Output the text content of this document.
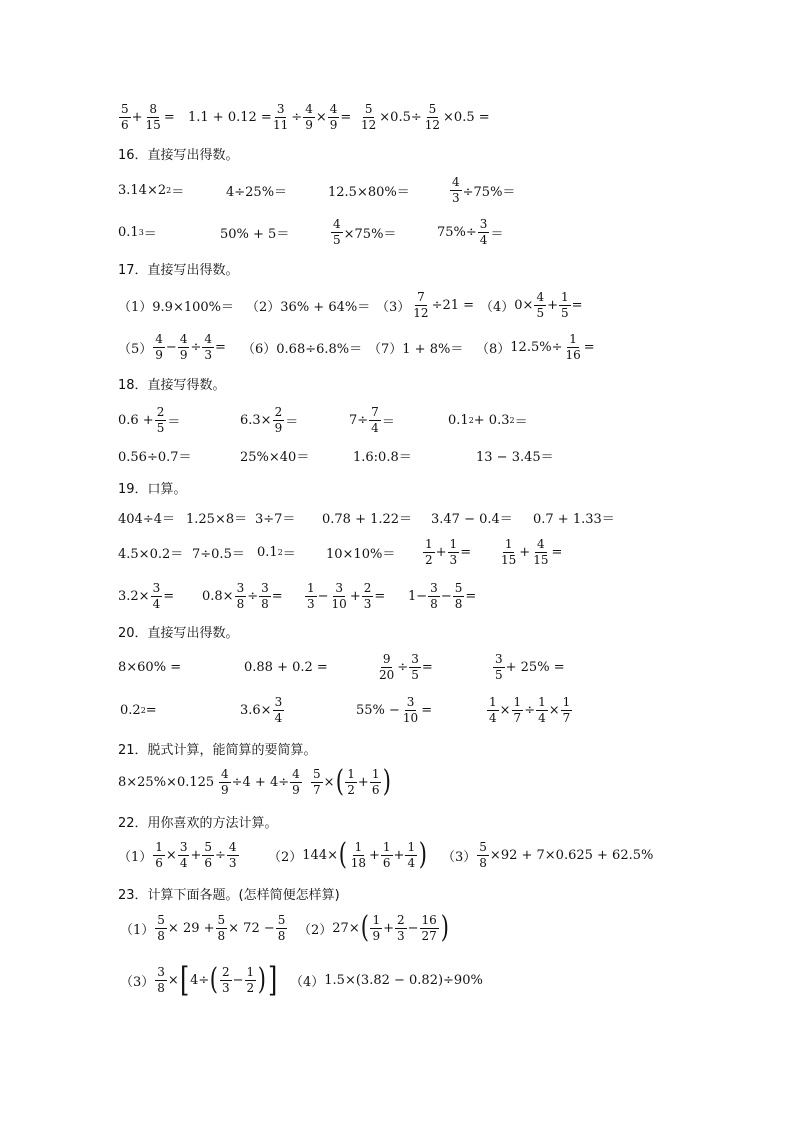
$\frac{5}{6} + \frac{8}{15} = 1.1 + 0.12 = \frac{3}{11} \div \frac{4}{9} \times \frac{4}{9} = \frac{5}{12} \times 0.5\div \frac{5}{12} \times 0.5$ =
16．直接写出得数。
3.14×2 2 ＝	4÷25%＝	12.5×80%＝	$\frac{4}{3} \div 75\%=$
0.1 3 ＝	50% + 5＝	$\frac{4}{5} \times 75\%=$	$75\%\div \frac{3}{4}$ ＝
17．直接写出得数。
$(1)9.9\times 100\%= (2)36\% + 64\%= (3) \frac{7}{12} \div 21 = (4)$ $0\times \frac{4}{5} + \frac{1}{5}$ =
$(5) \frac{4}{9} - \frac{4}{9} \div \frac{4}{3} = (6)0.68\div 6.8\%= (7)1 + 8\%= (8)$ $12.5\%\div \frac{1}{16}$ =
18．直接写得数。
$0.6 + \frac{2}{5}$ ＝	$6.3\times \frac{2}{9}$ ＝	$7\div \frac{7}{4}$ ＝	0.1 2 + 0.3 2 ＝
0.56÷0.7＝	25%×40＝	1.6:0.8＝	13 − 3.45＝
19．口算。
404÷4＝ 1.25×8＝ 3÷7＝ 0.78 + 1.22＝ 3.47 − 0.4＝ 0.7 + 1.33＝
4.5×0.2＝ 7÷0.5＝ 0.1 $2 = 10\times 10\%= \frac{1}{2} + \frac{1}{3} = \frac{1}{15} + \frac{4}{15}$ =
$3.2\times \frac{3}{4} = 0.8\times \frac{3}{8} \div \frac{3}{8} = \frac{1}{3} - \frac{3}{10} + \frac{2}{3} = 1- \frac{3}{8} - \frac{5}{8}$ =
20．直接写出得数。
8×60% =	0.88 + 0.2 =	$\frac{9}{20} \div \frac{3}{5}$ =	$\frac{3}{5} + 25\%$ =
0.2 2 =	$3.6\times \frac{3}{4}$	$55\% - \frac{3}{10}$ =	$\frac{1}{4} \times \frac{1}{7} \div \frac{1}{4} \times \frac{1}{7}$
21．脱式计算，能简算的要简算。
$8\times 25\%\times 0.125 \frac{4}{9} \div 4 + 4\div \frac{4}{9} \frac{5}{7}$ × ( $\frac{1}{2} + \frac{1}{6}$ )
22．用你喜欢的方法计算。
$(1) \frac{1}{6} \times \frac{3}{4} + \frac{5}{6} \div \frac{4}{3} (2)$ 144× ( $\frac{1}{18} + \frac{1}{6} + \frac{1}{4}$ ) $(3) \frac{5}{8} \times 92 + 7\times 0.625 + 62.5\%$
23．计算下面各题。(怎样简便怎样算)
$(1) \frac{5}{8} \times 29 + \frac{5}{8} \times 72 - \frac{5}{8} (2)$ 27× ( $\frac{1}{9} + \frac{2}{3} - \frac{16}{27}$ )
$(3) \frac{3}{8}$ × [ 4÷ ( $\frac{2}{3} - \frac{1}{2}$ ) ] （4） 1.5×(3.82 − 0.82)÷90%
